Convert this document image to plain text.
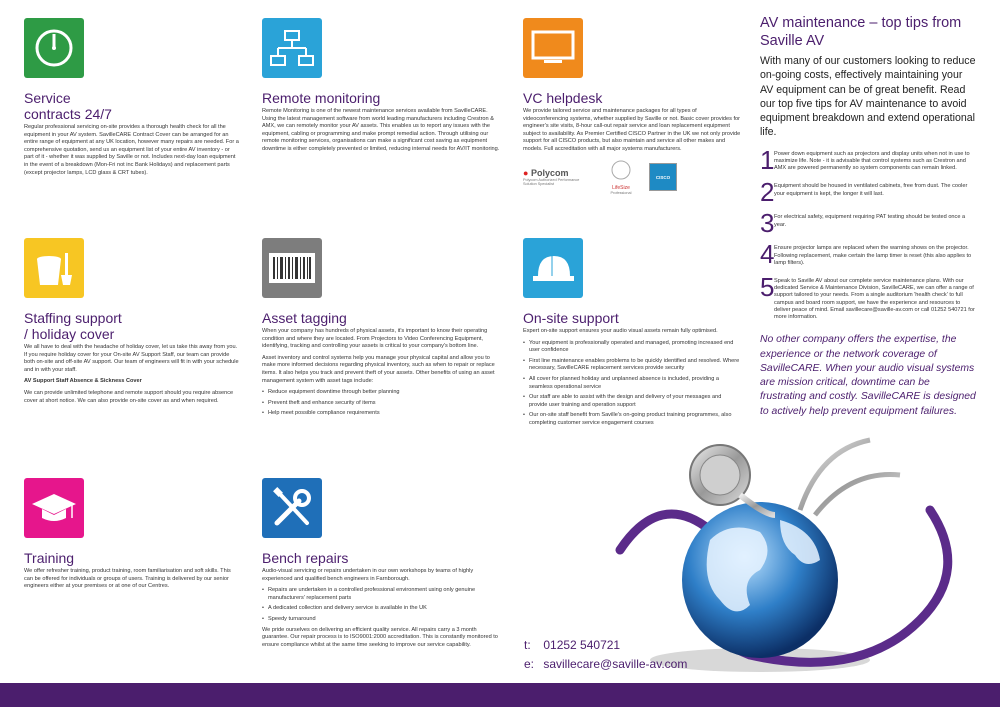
Service
contracts 24/7

Regular professional servicing on-site provides a thorough health check for all the equipment in your AV system. SavilleCARE Contract Cover can be arranged for an entire range of equipment at any UK location, however many repairs are needed. For a comprehensive quotation, send us an equipment list of your entire AV inventory - or part of it - whether it was supplied by Saville or not. Includes next-day loan equipment in the event of a breakdown (Mon-Fri not inc Bank Holidays) and replacement parts (except projector lamps, LCD glass & CRT tubes).

Staffing support
/ holiday cover

We all have to deal with the headache of holiday cover, let us take this away from you. If you require holiday cover for your On-site AV Support Staff, our team can provide both on-site and off-site AV support. Our team of engineers will fit in with your schedule and in with your staff.

AV Support Staff Absence & Sickness Cover

We can provide unlimited telephone and remote support should you require absence cover at short notice. We can also provide on-site cover as and when required.

Training

We offer refresher training, product training, room familiarisation and soft skills. This can be offered for individuals or groups of users. Training is delivered by our senior engineers either at your premises or at one of our Centres.

Remote monitoring

Remote Monitoring is one of the newest maintenance services available from SavilleCARE. Using the latest management software from world leading manufacturers including Crestron & AMX, we can remotely monitor your AV assets. This enables us to report any issues with the equipment, cabling or programming and make prompt remedial action. Through utilising our remote monitoring services, organisations can make a significant cost saving as equipment downtime is either completely prevented or limited, reducing internal needs for AV/IT monitoring.

Asset tagging

When your company has hundreds of physical assets, it's important to know their operating condition and where they are located. From Projectors to Video Conferencing Equipment, identifying, tracking and controlling your assets is critical to your company's bottom line.

Asset inventory and control systems help you manage your physical capital and allow you to make more informed decisions regarding physical inventory, such as when to repair or replace items. It also helps you track and prevent theft of your assets. Other benefits of using an asset management system with asset tags include:

• Reduce equipment downtime through better planning
• Prevent theft and enhance security of items
• Help meet possible compliance requirements
Bench repairs

Audio-visual servicing or repairs undertaken in our own workshops by teams of highly experienced and qualified bench engineers in Farnborough.

• Repairs are undertaken in a controlled professional environment using only genuine manufacturers' replacement parts
• A dedicated collection and delivery service is available in the UK
• Speedy turnaround

We pride ourselves on delivering an efficient quality service. All repairs carry a 3 month guarantee. Our repair process is to ISO9001:2000 accreditation. This is constantly monitored to ensure compliance whilst at the same time seeking to improve our service capability.

VC helpdesk

We provide tailored service and maintenance packages for all types of videoconferencing systems, whether supplied by Saville or not. Basic cover provides for engineer's site visits, 8-hour call-out repair service and loan replacement equipment subject to availability. As Premier Certified CISCO Partner in the UK we not only provide support for all CISCO products, but also maintain and service all other makes and models. Full accreditation with all major systems manufacturers.

● Polycom
Polycom Authorized Performance Solution Specialist
LifeSize
Professional
CISCO
On-site support

Expert on-site support ensures your audio visual assets remain fully optimised.

• Your equipment is professionally operated and managed, promoting increased end user confidence
• First line maintenance enables problems to be quickly identified and resolved. Where necessary, SavilleCARE replacement services provide security
• All cover for planned holiday and unplanned absence is included, providing a seamless operational service
• Our staff are able to assist with the design and delivery of your messages and provide user training and operation support
• Our on-site staff benefit from Saville's on-going product training programmes, also completing customer service engagement courses
t: 01252 540721
e: savillecare@saville-av.com
AV maintenance – top tips from Saville AV
With many of our customers looking to reduce on-going costs, effectively maintaining your AV equipment can be of great benefit. Read our top five tips for AV maintenance to avoid equipment breakdown and extend operational life.
1 Power down equipment such as projectors and display units when not in use to maximize life. Note - it is advisable that control systems such as Crestron and AMX are powered permanently so system components can remain linked.
2 Equipment should be housed in ventilated cabinets, free from dust. The cooler your equipment is kept, the longer it will last.
3 For electrical safety, equipment requiring PAT testing should be tested once a year.
4 Ensure projector lamps are replaced when the warning shows on the projector. Following replacement, make certain the lamp timer is reset (this also applies to lamp filters).
5 Speak to Saville AV about our complete service maintenance plans. With our dedicated Service & Maintenance Division, SavilleCARE, we can offer a range of support tailored to your needs. From a single auditorium 'health check' to full campus and board room support, we have the experience and resources to deliver peace of mind. Email savillecare@saville-av.com or call 01252 540721 for more information.
No other company offers the expertise, the experience or the network coverage of SavilleCARE. When your audio visual systems are mission critical, downtime can be frustrating and costly. SavilleCARE is designed to actively help prevent equipment failures.
